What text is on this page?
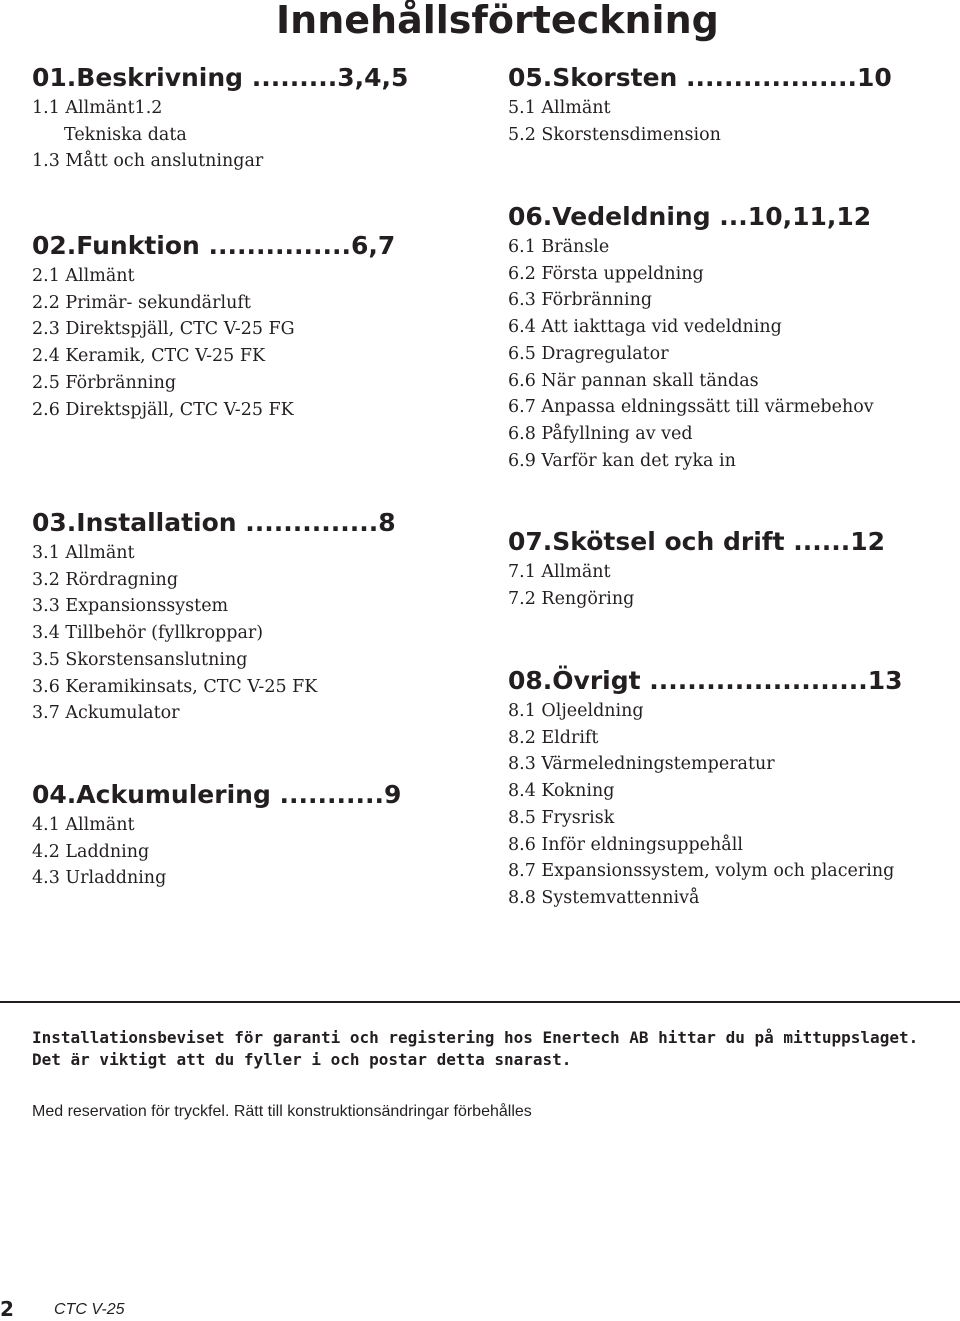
Innehållsförteckning

01.Beskrivning .........3,4,5

1.1 Allmänt1.2

Tekniska data

1.3 Mått och anslutningar

02.Funktion ...............6,7

2.1 Allmänt

2.2 Primär- sekundärluft

2.3 Direktspjäll, CTC V-25 FG

2.4 Keramik, CTC V-25 FK

2.5 Förbränning

2.6 Direktspjäll, CTC V-25 FK

03.Installation ..............8

3.1 Allmänt

3.2 Rördragning

3.3 Expansionssystem

3.4 Tillbehör (fyllkroppar)

3.5 Skorstensanslutning

3.6 Keramikinsats, CTC V-25 FK

3.7 Ackumulator

04.Ackumulering ...........9

4.1 Allmänt

4.2 Laddning

4.3 Urladdning

05.Skorsten ..................10

5.1 Allmänt

5.2 Skorstensdimension

06.Vedeldning ...10,11,12

6.1 Bränsle

6.2 Första uppeldning

6.3 Förbränning

6.4 Att iakttaga vid vedeldning

6.5 Dragregulator

6.6 När pannan skall tändas

6.7 Anpassa eldningssätt till värmebehov

6.8 Påfyllning av ved

6.9 Varför kan det ryka in

07.Skötsel och drift ......12

7.1 Allmänt

7.2 Rengöring

08.Övrigt .......................13

8.1 Oljeeldning

8.2 Eldrift

8.3 Värmeledningstemperatur

8.4 Kokning

8.5 Frysrisk

8.6 Inför eldningsuppehåll

8.7 Expansionssystem, volym och placering

8.8 Systemvattennivå

Installationsbeviset för garanti och registering hos Enertech AB hittar du på mittuppslaget.

Det är viktigt att du fyller i och postar detta snarast.

Med reservation för tryckfel. Rätt till konstruktionsändringar förbehålles

2	CTC V-25
